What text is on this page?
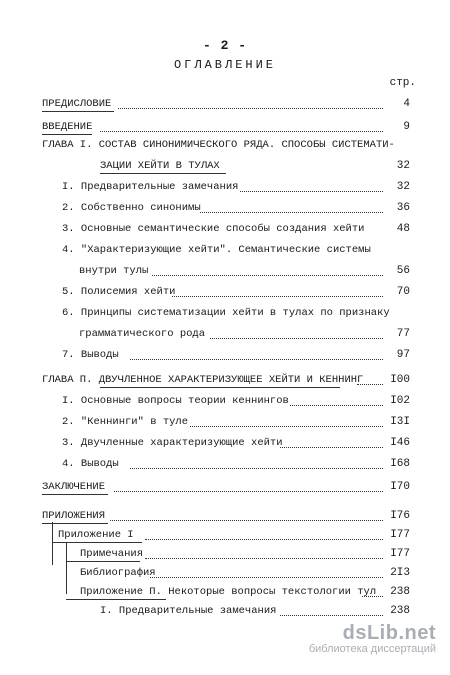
- 2 -
ОГЛАВЛЕНИЕ
стр.
ПРЕДИСЛОВИЕ	4
ВВЕДЕНИЕ	9
ГЛАВА I. СОСТАВ СИНОНИМИЧЕСКОГО РЯДА. СПОСОБЫ СИСТЕМАТИ-
ЗАЦИИ ХЕЙТИ В ТУЛАХ	32
I. Предварительные замечания	32
2. Собственно синонимы	36
3. Основные семантические способы создания хейти	48
4. "Характеризующие хейти". Семантические системы
внутри тулы	56
5. Полисемия хейти	70
6. Принципы систематизации хейти в тулах по признаку
грамматического рода	77
7. Выводы	97
ГЛАВА П. ДВУЧЛЕННОЕ ХАРАКТЕРИЗУЮЩЕЕ ХЕЙТИ И КЕННИНГ I00
I. Основные вопросы теории кеннингов	I02
2. "Кеннинги" в туле	I3I
3. Двучленные характеризующие хейти	I46
4. Выводы	I68
ЗАКЛЮЧЕНИЕ	I70
ПРИЛОЖЕНИЯ	I76
Приложение I	I77
Примечания	I77
Библиография	2I3
Приложение П. Некоторые вопросы текстологии тул 238
I. Предварительные замечания	238
dsLib.net
библиотека диссертаций
